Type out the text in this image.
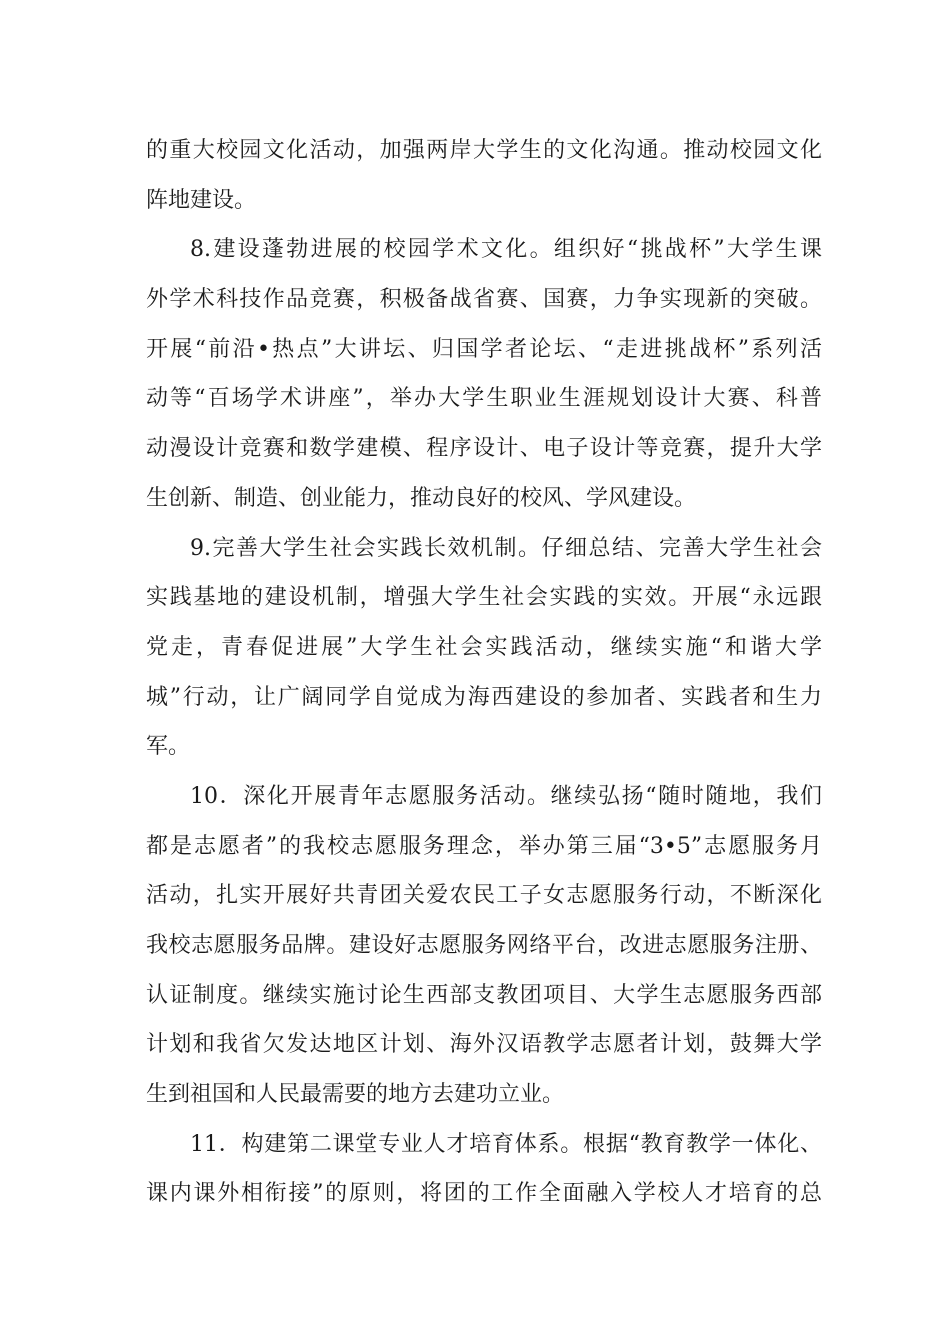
的重大校园文化活动，加强两岸大学生的文化沟通。推动校园文化
阵地建设。
8.建设蓬勃进展的校园学术文化。组织好“挑战杯”大学生课
外学术科技作品竞赛，积极备战省赛、国赛，力争实现新的突破。
开展“前沿•热点”大讲坛、归国学者论坛、“走进挑战杯”系列活
动等“百场学术讲座”，举办大学生职业生涯规划设计大赛、科普
动漫设计竞赛和数学建模、程序设计、电子设计等竞赛，提升大学
生创新、制造、创业能力，推动良好的校风、学风建设。
9.完善大学生社会实践长效机制。仔细总结、完善大学生社会
实践基地的建设机制，增强大学生社会实践的实效。开展“永远跟
党走，青春促进展”大学生社会实践活动，继续实施“和谐大学
城”行动，让广阔同学自觉成为海西建设的参加者、实践者和生力
军。
10．深化开展青年志愿服务活动。继续弘扬“随时随地，我们
都是志愿者”的我校志愿服务理念，举办第三届“3•5”志愿服务月
活动，扎实开展好共青团关爱农民工子女志愿服务行动，不断深化
我校志愿服务品牌。建设好志愿服务网络平台，改进志愿服务注册、
认证制度。继续实施讨论生西部支教团项目、大学生志愿服务西部
计划和我省欠发达地区计划、海外汉语教学志愿者计划，鼓舞大学
生到祖国和人民最需要的地方去建功立业。
11．构建第二课堂专业人才培育体系。根据“教育教学一体化、
课内课外相衔接”的原则，将团的工作全面融入学校人才培育的总
